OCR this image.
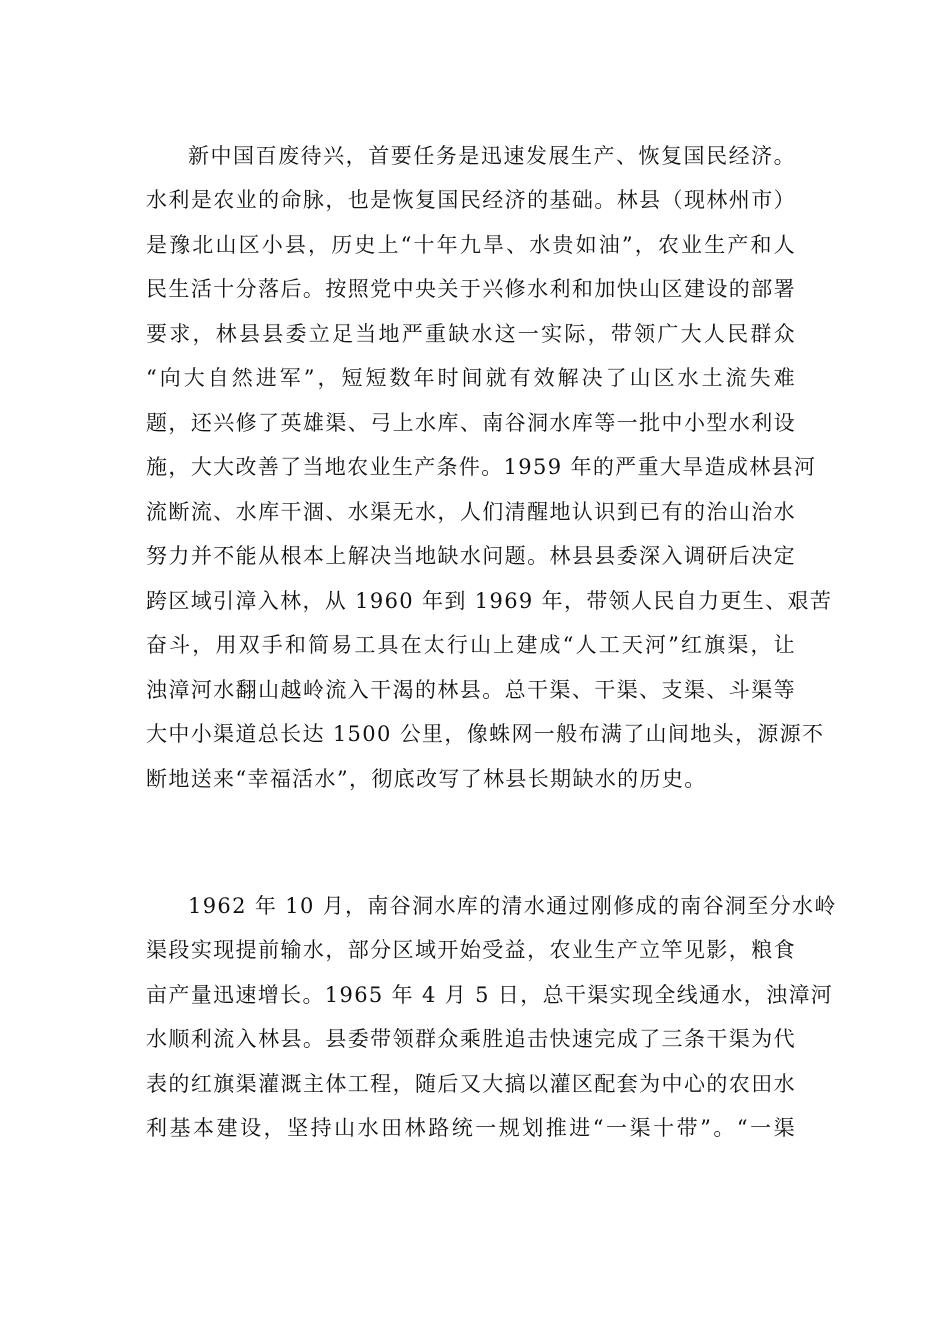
新中国百废待兴，首要任务是迅速发展生产、恢复国民经济。
水利是农业的命脉，也是恢复国民经济的基础。林县（现林州市）
是豫北山区小县，历史上“十年九旱、水贵如油”，农业生产和人
民生活十分落后。按照党中央关于兴修水利和加快山区建设的部署
要求，林县县委立足当地严重缺水这一实际，带领广大人民群众
“向大自然进军”，短短数年时间就有效解决了山区水土流失难
题，还兴修了英雄渠、弓上水库、南谷洞水库等一批中小型水利设
施，大大改善了当地农业生产条件。1959 年的严重大旱造成林县河
流断流、水库干涸、水渠无水，人们清醒地认识到已有的治山治水
努力并不能从根本上解决当地缺水问题。林县县委深入调研后决定
跨区域引漳入林，从 1960 年到 1969 年，带领人民自力更生、艰苦
奋斗，用双手和简易工具在太行山上建成“人工天河”红旗渠，让
浊漳河水翻山越岭流入干渴的林县。总干渠、干渠、支渠、斗渠等
大中小渠道总长达 1500 公里，像蛛网一般布满了山间地头，源源不
断地送来“幸福活水”，彻底改写了林县长期缺水的历史。
1962 年 10 月，南谷洞水库的清水通过刚修成的南谷洞至分水岭
渠段实现提前输水，部分区域开始受益，农业生产立竿见影，粮食
亩产量迅速增长。1965 年 4 月 5 日，总干渠实现全线通水，浊漳河
水顺利流入林县。县委带领群众乘胜追击快速完成了三条干渠为代
表的红旗渠灌溉主体工程，随后又大搞以灌区配套为中心的农田水
利基本建设，坚持山水田林路统一规划推进“一渠十带”。“一渠
